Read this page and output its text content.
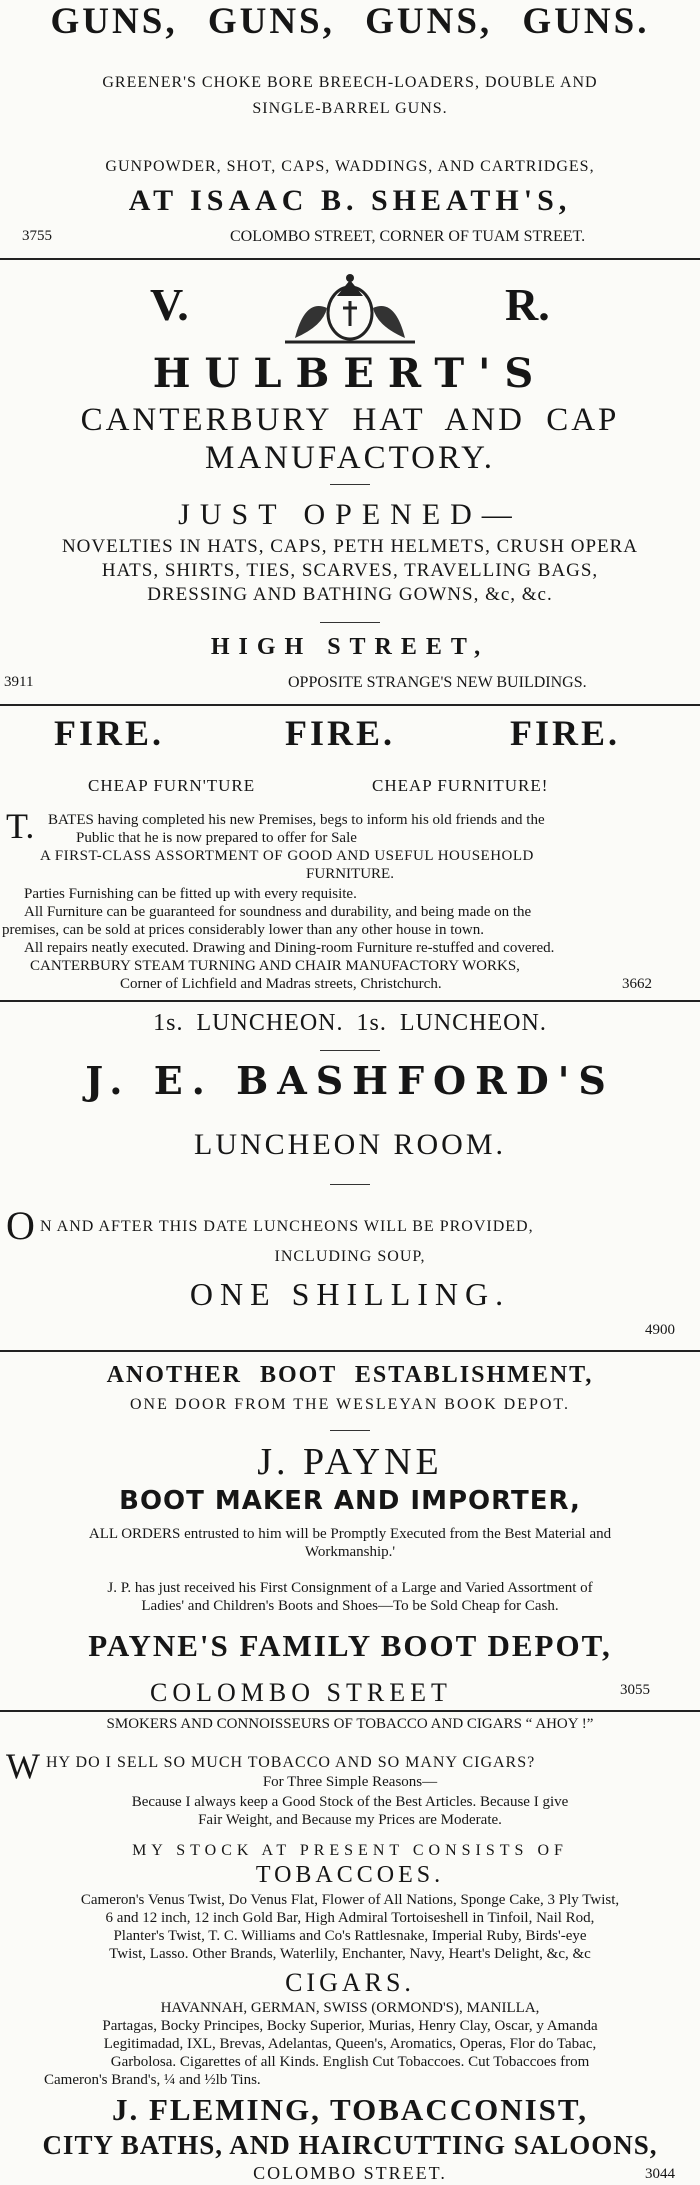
GUNS, GUNS, GUNS, GUNS.
GREENER'S CHOKE BORE BREECH-LOADERS, DOUBLE AND
SINGLE-BARREL GUNS.
GUNPOWDER, SHOT, CAPS, WADDINGS, AND CARTRIDGES,
AT ISAAC B. SHEATH'S,
3755	COLOMBO STREET, CORNER OF TUAM STREET.
V.	R.
HULBERT'S
CANTERBURY HAT AND CAP
MANUFACTORY.
JUST OPENED—
NOVELTIES IN HATS, CAPS, PETH HELMETS, CRUSH OPERA
HATS, SHIRTS, TIES, SCARVES, TRAVELLING BAGS,
DRESSING AND BATHING GOWNS, &c, &c.
HIGH STREET,
3911	OPPOSITE STRANGE'S NEW BUILDINGS.
FIRE.	FIRE.	FIRE.
CHEAP FURN'TURE	CHEAP FURNITURE!
T. BATES having completed his new Premises, begs to inform his old friends and the
Public that he is now prepared to offer for Sale
A FIRST-CLASS ASSORTMENT OF GOOD AND USEFUL HOUSEHOLD
FURNITURE.
Parties Furnishing can be fitted up with every requisite.
All Furniture can be guaranteed for soundness and durability, and being made on the
premises, can be sold at prices considerably lower than any other house in town.
All repairs neatly executed. Drawing and Dining-room Furniture re-stuffed and covered.
CANTERBURY STEAM TURNING AND CHAIR MANUFACTORY WORKS,
Corner of Lichfield and Madras streets, Christchurch.	3662
1s. LUNCHEON. 1s. LUNCHEON.
J. E. BASHFORD'S
LUNCHEON ROOM.
O N AND AFTER THIS DATE LUNCHEONS WILL BE PROVIDED,
INCLUDING SOUP,
ONE SHILLING.
4900
ANOTHER BOOT ESTABLISHMENT,
ONE DOOR FROM THE WESLEYAN BOOK DEPOT.
J. PAYNE
BOOT MAKER AND IMPORTER,
ALL ORDERS entrusted to him will be Promptly Executed from the Best Material and
Workmanship.'
J. P. has just received his First Consignment of a Large and Varied Assortment of
Ladies' and Children's Boots and Shoes—To be Sold Cheap for Cash.
PAYNE'S FAMILY BOOT DEPOT,
COLOMBO STREET	3055
SMOKERS AND CONNOISSEURS OF TOBACCO AND CIGARS “ AHOY !”
W HY DO I SELL SO MUCH TOBACCO AND SO MANY CIGARS?
For Three Simple Reasons—
Because I always keep a Good Stock of the Best Articles. Because I give
Fair Weight, and Because my Prices are Moderate.
MY STOCK AT PRESENT CONSISTS OF
TOBACCOES.
Cameron's Venus Twist, Do Venus Flat, Flower of All Nations, Sponge Cake, 3 Ply Twist,
6 and 12 inch, 12 inch Gold Bar, High Admiral Tortoiseshell in Tinfoil, Nail Rod,
Planter's Twist, T. C. Williams and Co's Rattlesnake, Imperial Ruby, Birds'-eye
Twist, Lasso. Other Brands, Waterlily, Enchanter, Navy, Heart's Delight, &c, &c
CIGARS.
HAVANNAH, GERMAN, SWISS (ORMOND'S), MANILLA,
Partagas, Bocky Principes, Bocky Superior, Murias, Henry Clay, Oscar, y Amanda
Legitimadad, IXL, Brevas, Adelantas, Queen's, Aromatics, Operas, Flor do Tabac,
Garbolosa. Cigarettes of all Kinds. English Cut Tobaccoes. Cut Tobaccoes from
Cameron's Brand's, ¼ and ½lb Tins.
J. FLEMING, TOBACCONIST,
CITY BATHS, AND HAIRCUTTING SALOONS,
COLOMBO STREET.	3044
